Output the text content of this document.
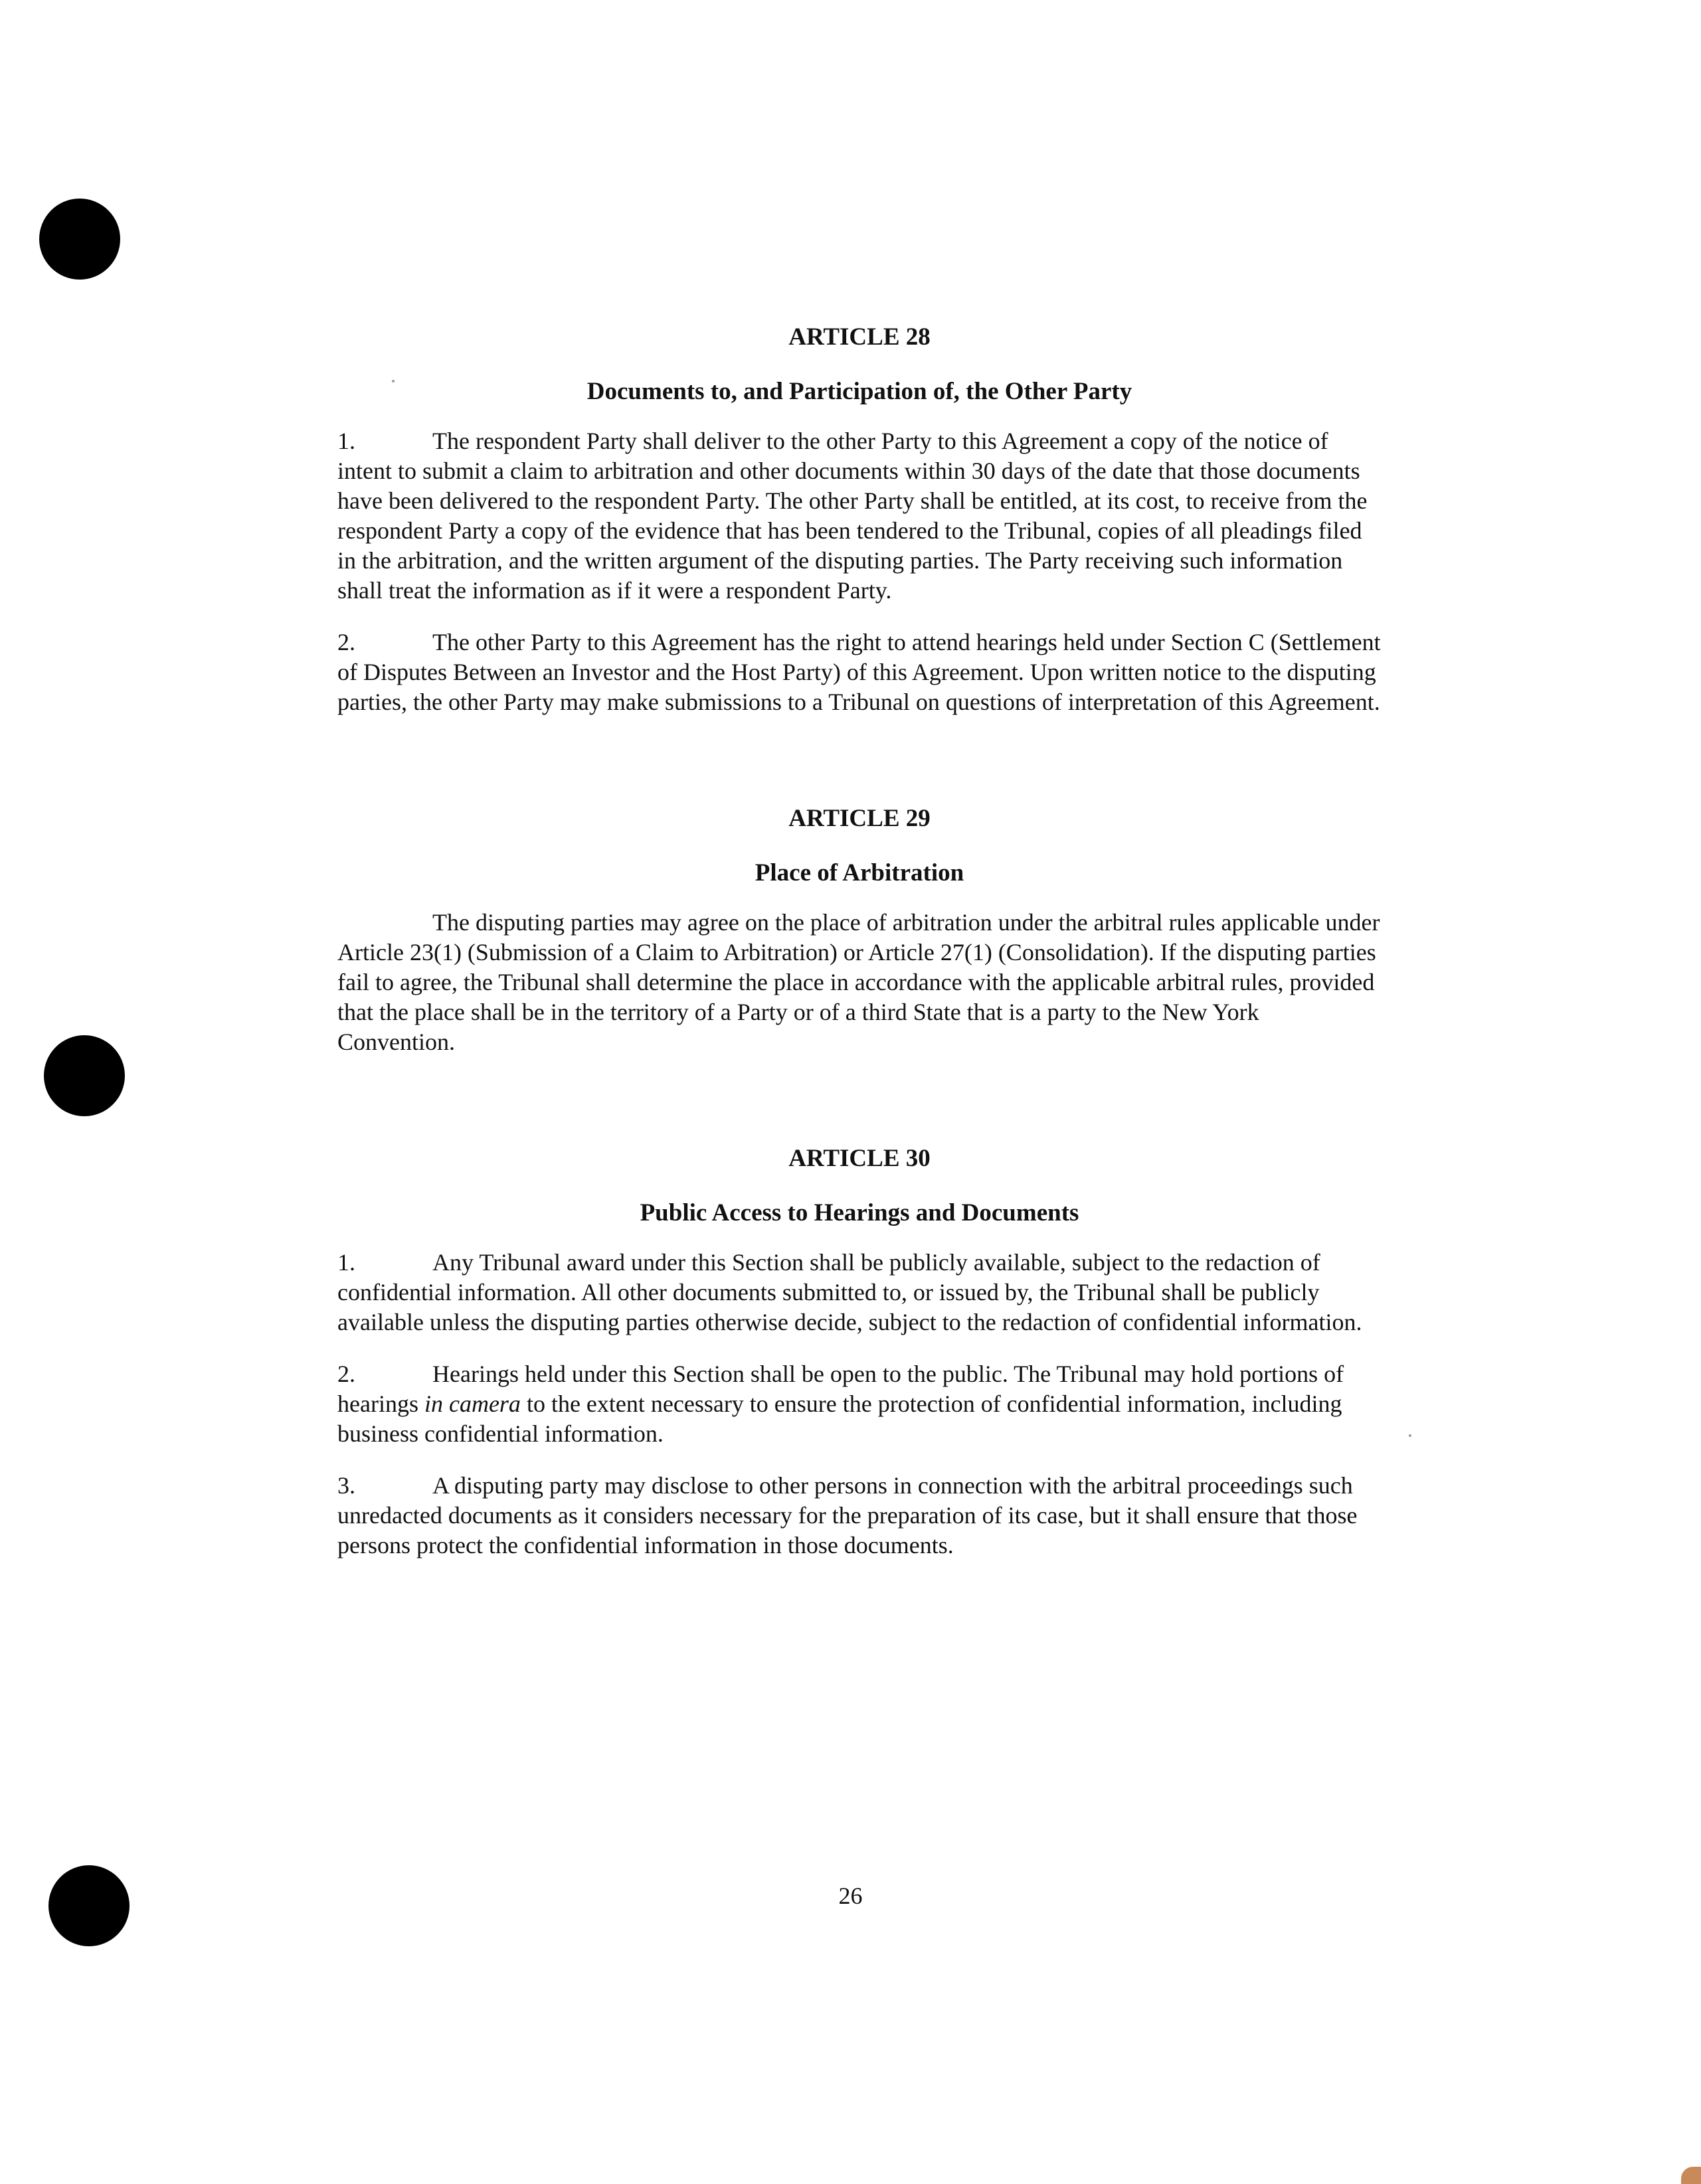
ARTICLE 28
Documents to, and Participation of, the Other Party

1.	The respondent Party shall deliver to the other Party to this Agreement a copy of the notice of intent to submit a claim to arbitration and other documents within 30 days of the date that those documents have been delivered to the respondent Party. The other Party shall be entitled, at its cost, to receive from the respondent Party a copy of the evidence that has been tendered to the Tribunal, copies of all pleadings filed in the arbitration, and the written argument of the disputing parties. The Party receiving such information shall treat the information as if it were a respondent Party.

2.	The other Party to this Agreement has the right to attend hearings held under Section C (Settlement of Disputes Between an Investor and the Host Party) of this Agreement. Upon written notice to the disputing parties, the other Party may make submissions to a Tribunal on questions of interpretation of this Agreement.

ARTICLE 29
Place of Arbitration

The disputing parties may agree on the place of arbitration under the arbitral rules applicable under Article 23(1) (Submission of a Claim to Arbitration) or Article 27(1) (Consolidation). If the disputing parties fail to agree, the Tribunal shall determine the place in accordance with the applicable arbitral rules, provided that the place shall be in the territory of a Party or of a third State that is a party to the New York Convention.

ARTICLE 30
Public Access to Hearings and Documents

1.	Any Tribunal award under this Section shall be publicly available, subject to the redaction of confidential information. All other documents submitted to, or issued by, the Tribunal shall be publicly available unless the disputing parties otherwise decide, subject to the redaction of confidential information.

2.	Hearings held under this Section shall be open to the public. The Tribunal may hold portions of hearings in camera to the extent necessary to ensure the protection of confidential information, including business confidential information.

3.	A disputing party may disclose to other persons in connection with the arbitral proceedings such unredacted documents as it considers necessary for the preparation of its case, but it shall ensure that those persons protect the confidential information in those documents.

26
